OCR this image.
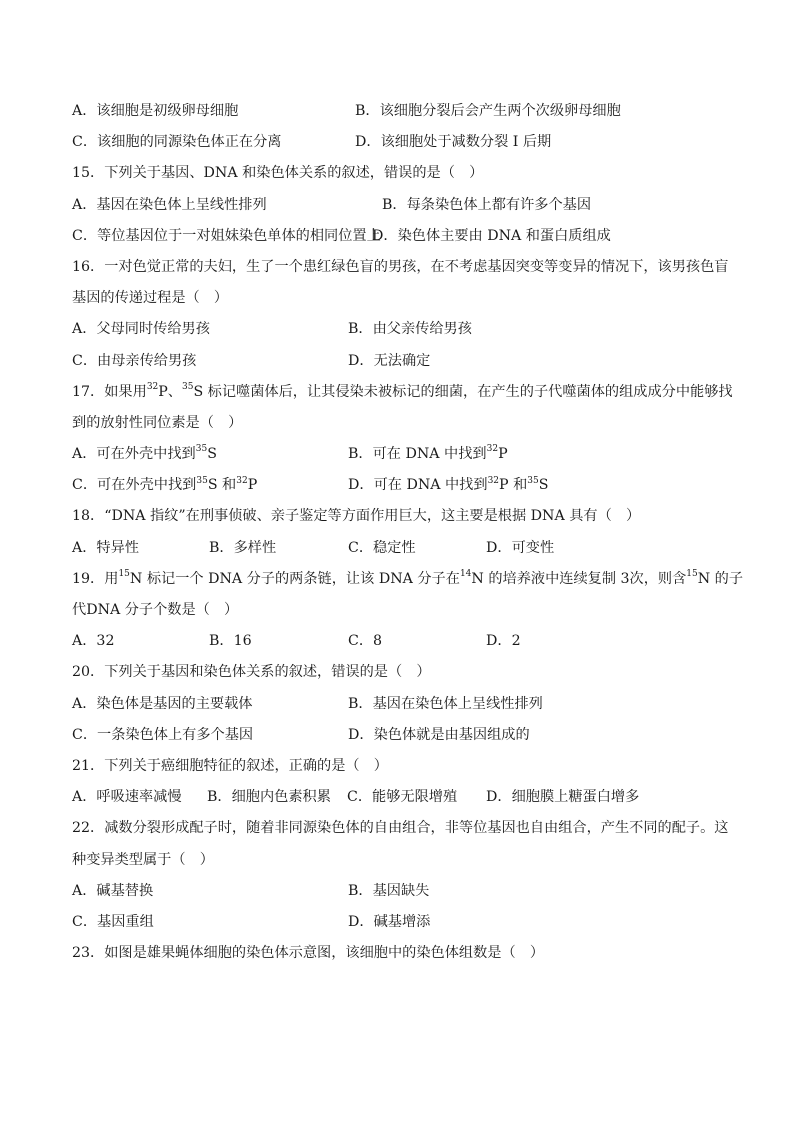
A．该细胞是初级卵母细胞	B．该细胞分裂后会产生两个次级卵母细胞
C．该细胞的同源染色体正在分离	D．该细胞处于减数分裂 I 后期
15．下列关于基因、DNA 和染色体关系的叙述，错误的是（　）
A．基因在染色体上呈线性排列	B．每条染色体上都有许多个基因
C．等位基因位于一对姐妹染色单体的相同位置上
D．染色体主要由 DNA 和蛋白质组成
16．一对色觉正常的夫妇，生了一个患红绿色盲的男孩，在不考虑基因突变等变异的情况下，该男孩色盲
基因的传递过程是（　）
A．父母同时传给男孩	B．由父亲传给男孩
C．由母亲传给男孩	D．无法确定
17．如果用$^{32}$P、$^{35}$S 标记噬菌体后，让其侵染未被标记的细菌，在产生的子代噬菌体的组成成分中能够找
到的放射性同位素是（　）
A．可在外壳中找到$^{35}$S	B．可在 DNA 中找到$^{32}$P
C．可在外壳中找到$^{35}$S 和$^{32}$P	D．可在 DNA 中找到$^{32}$P 和$^{35}$S
18．“DNA 指纹”在刑事侦破、亲子鉴定等方面作用巨大，这主要是根据 DNA 具有（　）
A．特异性	B．多样性	C．稳定性	D．可变性
19．用$^{15}$N 标记一个 DNA 分子的两条链，让该 DNA 分子在$^{14}$N 的培养液中连续复制 3次，则含$^{15}$N 的子
代DNA 分子个数是（　）
A．32	B．16	C．8	D．2
20．下列关于基因和染色体关系的叙述，错误的是（　）
A．染色体是基因的主要载体	B．基因在染色体上呈线性排列
C．一条染色体上有多个基因	D．染色体就是由基因组成的
21．下列关于癌细胞特征的叙述，正确的是（　）
A．呼吸速率减慢 B．细胞内色素积累 C．能够无限增殖 D．细胞膜上糖蛋白增多
22．减数分裂形成配子时，随着非同源染色体的自由组合，非等位基因也自由组合，产生不同的配子。这
种变异类型属于（　）
A．碱基替换	B．基因缺失
C．基因重组	D．碱基增添
23．如图是雄果蝇体细胞的染色体示意图，该细胞中的染色体组数是（　）
